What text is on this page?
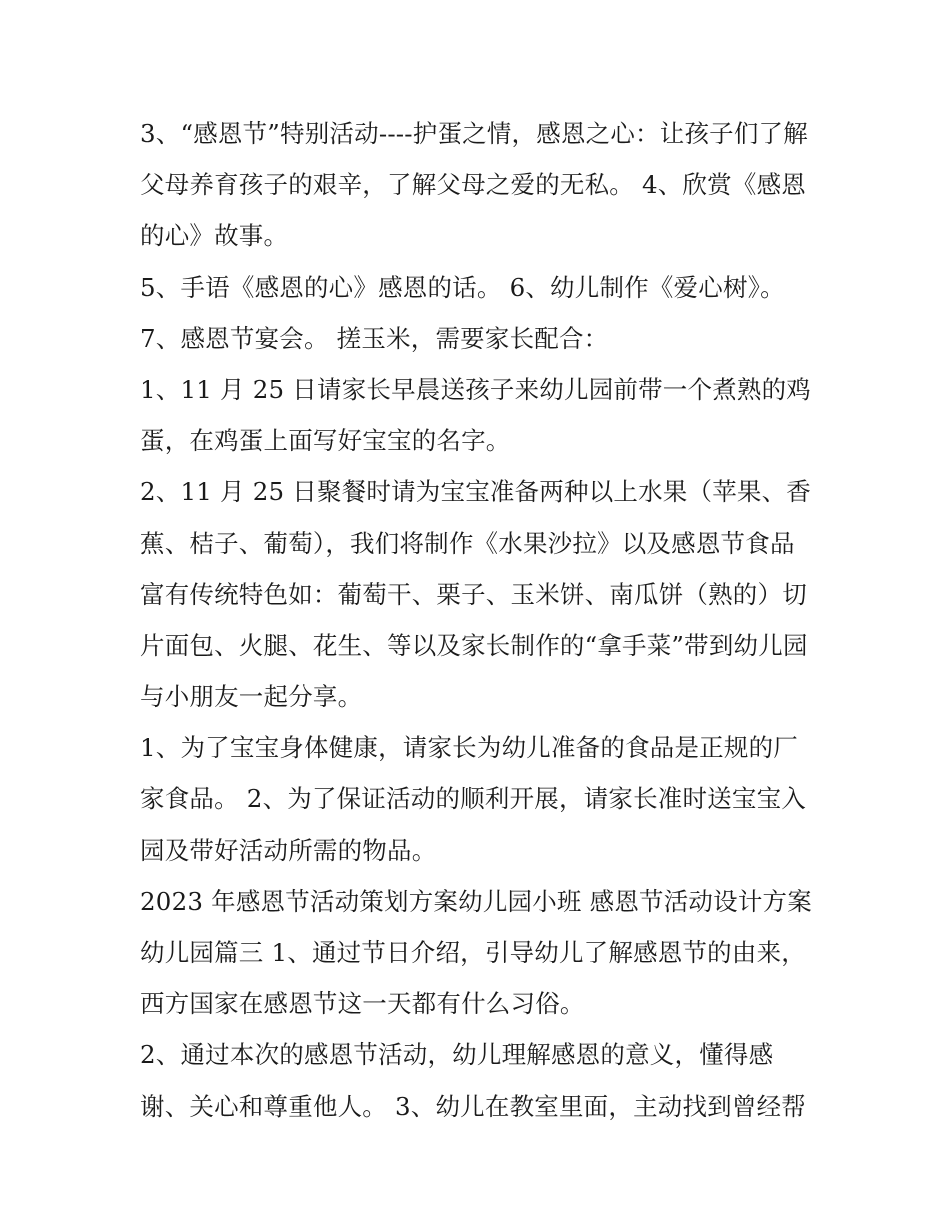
3、“感恩节”特别活动----护蛋之情，感恩之心：让孩子们了解
父母养育孩子的艰辛，了解父母之爱的无私。 4、欣赏《感恩
的心》故事。
5、手语《感恩的心》感恩的话。 6、幼儿制作《爱心树》。
7、感恩节宴会。 搓玉米，需要家长配合：
1、11 月 25 日请家长早晨送孩子来幼儿园前带一个煮熟的鸡
蛋，在鸡蛋上面写好宝宝的名字。
2、11 月 25 日聚餐时请为宝宝准备两种以上水果（苹果、香
蕉、桔子、葡萄），我们将制作《水果沙拉》以及感恩节食品
富有传统特色如：葡萄干、栗子、玉米饼、南瓜饼（熟的）切
片面包、火腿、花生、等以及家长制作的“拿手菜”带到幼儿园
与小朋友一起分享。
1、为了宝宝身体健康，请家长为幼儿准备的食品是正规的厂
家食品。 2、为了保证活动的顺利开展，请家长准时送宝宝入
园及带好活动所需的物品。
2023 年感恩节活动策划方案幼儿园小班 感恩节活动设计方案
幼儿园篇三 1、通过节日介绍，引导幼儿了解感恩节的由来，
西方国家在感恩节这一天都有什么习俗。
2、通过本次的感恩节活动，幼儿理解感恩的意义，懂得感
谢、关心和尊重他人。 3、幼儿在教室里面，主动找到曾经帮
